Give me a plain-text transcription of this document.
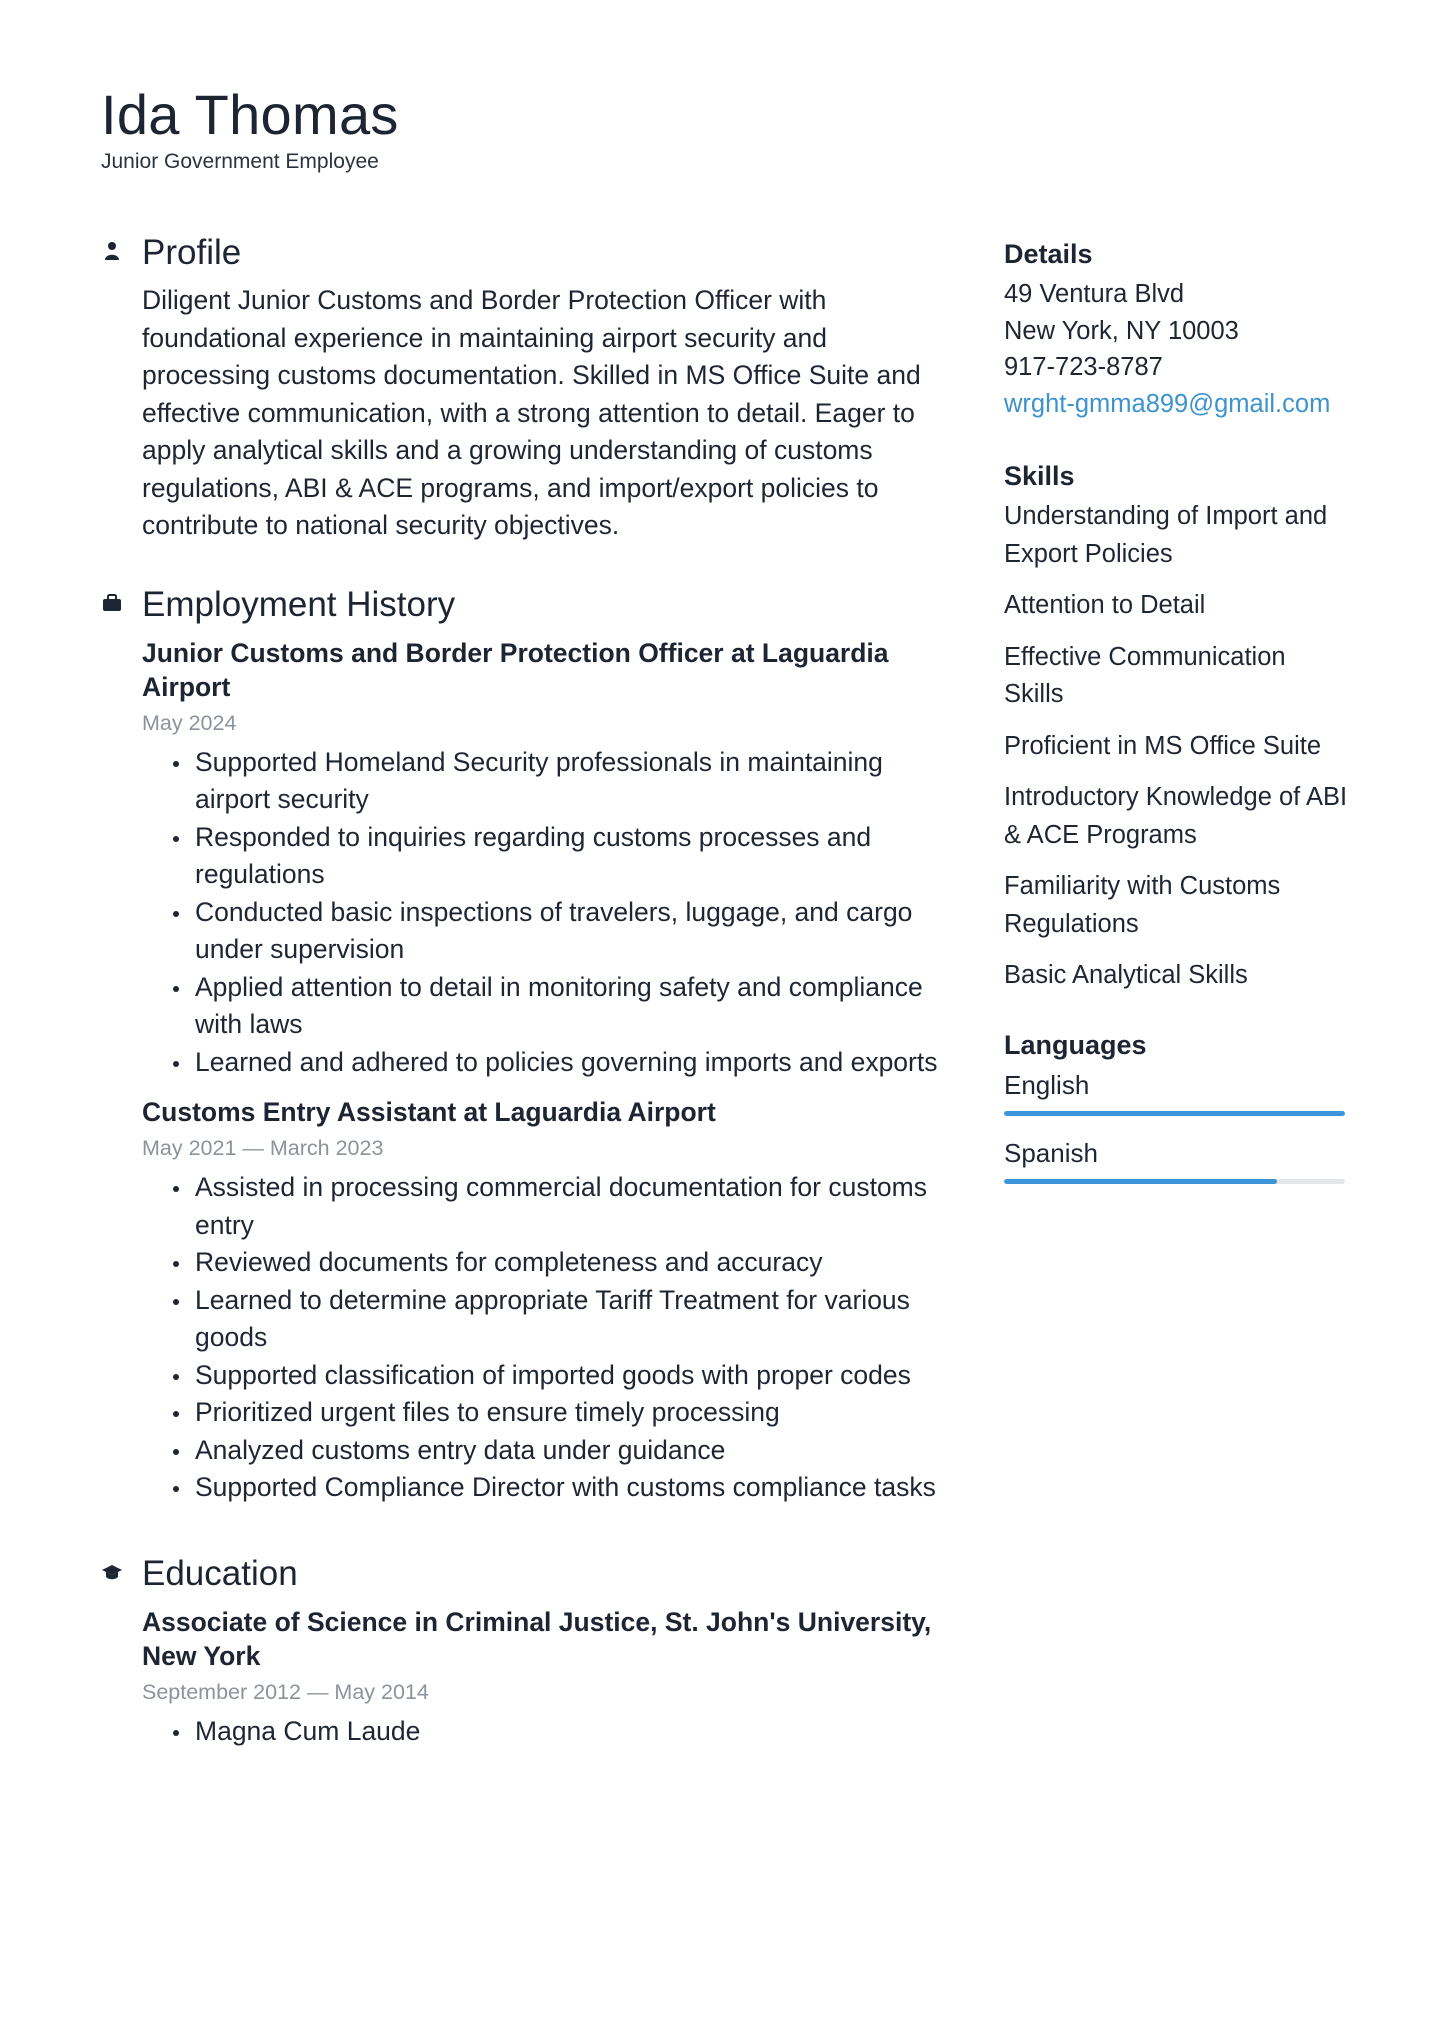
Ida Thomas
Junior Government Employee
Profile
Diligent Junior Customs and Border Protection Officer with foundational experience in maintaining airport security and processing customs documentation. Skilled in MS Office Suite and effective communication, with a strong attention to detail. Eager to apply analytical skills and a growing understanding of customs regulations, ABI & ACE programs, and import/export policies to contribute to national security objectives.
Employment History
Junior Customs and Border Protection Officer at Laguardia Airport
May 2024
Supported Homeland Security professionals in maintaining airport security
Responded to inquiries regarding customs processes and regulations
Conducted basic inspections of travelers, luggage, and cargo under supervision
Applied attention to detail in monitoring safety and compliance with laws
Learned and adhered to policies governing imports and exports
Customs Entry Assistant at Laguardia Airport
May 2021 — March 2023
Assisted in processing commercial documentation for customs entry
Reviewed documents for completeness and accuracy
Learned to determine appropriate Tariff Treatment for various goods
Supported classification of imported goods with proper codes
Prioritized urgent files to ensure timely processing
Analyzed customs entry data under guidance
Supported Compliance Director with customs compliance tasks
Education
Associate of Science in Criminal Justice, St. John's University, New York
September 2012 — May 2014
Magna Cum Laude
Details
49 Ventura Blvd
New York, NY 10003
917-723-8787
wrght-gmma899@gmail.com
Skills
Understanding of Import and Export Policies
Attention to Detail
Effective Communication Skills
Proficient in MS Office Suite
Introductory Knowledge of ABI & ACE Programs
Familiarity with Customs Regulations
Basic Analytical Skills
Languages
English
Spanish
